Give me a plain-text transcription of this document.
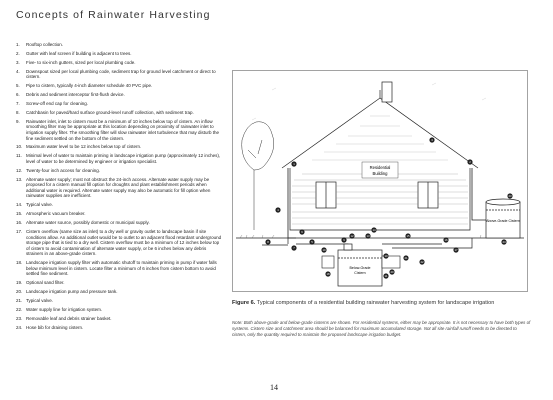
Concepts of Rainwater Harvesting
1. Rooftop collection.
2. Gutter with leaf screen if building is adjacent to trees.
3. Five- to six-inch gutters, sized per local plumbing code.
4. Downspout sized per local plumbing code, sediment trap for ground level catchment or direct to cistern.
5. Pipe to cistern, typically 4-inch diameter schedule 40 PVC pipe.
6. Debris and sediment interceptor first-flush device.
7. Screw-off end cap for cleaning.
8. Catchbasin for paved/hard surface ground-level runoff collection, with sediment trap.
9. Rainwater inlet, inlet to cistern must be a minimum of 10 inches below top of cistern. An inflow smoothing filter may be appropriate at this location depending on proximity of rainwater inlet to irrigation supply filter. The smoothing filter will slow rainwater inlet turbulence that may disturb the fine sediment settled on the bottom of the cistern.
10. Maximum water level to be 12 inches below top of cistern.
11. Minimal level of water to maintain priming in landscape irrigation pump (approximately 12 inches), level of water to be determined by engineer or irrigation specialist.
12. Twenty-four inch access for cleaning.
13. Alternate water supply; most not obstruct the 24-inch access. Alternate water supply may be proposed for a cistern manual fill option for droughts and plant establishment periods when additional water is required. Alternate water supply may also be automatic for fill option when rainwater supplies are inefficient.
14. Typical valve.
15. Atmospheric vacuum breaker.
16. Alternate water source, possibly domestic or municipal supply.
17. Cistern overflow (same size as inlet) to a dry well or gravity outlet to landscape basin if site conditions allow. An additional outlet would be to outlet to an adjacent flood retardant underground storage pipe that is tied to a dry well. Cistern overflow must be a minimum of 12 inches below top of cistern to avoid contamination of alternate water supply, or be 6 inches below any debris strainers in an above-grade cistern.
18. Landscape irrigation supply filter with automatic shutoff to maintain priming in pump if water falls below minimum level in cistern. Locate filter a minimum of 6 inches from cistern bottom to avoid settled fine sediment.
19. Optional sand filter.
20. Landscape irrigation pump and pressure tank.
21. Typical valve.
22. Water supply line for irrigation system.
23. Removable leaf and debris strainer basket.
24. Hose bib for draining cistern.
Residential
Building
Below-Grade
Cistern
Above-Grade Cistern
1	2
3
4
5
6
7
8	9
10
11
12	13
14
15
16
17
18
19
20
21
22
23
24
Figure 6. Typical components of a residential building rainwater harvesting system for landscape irrigation
Note: Both above-grade and below-grade cisterns are shown. For residential systems, either may be appropriate. It is not necessary to have both types of systems. Cistern size and catchment area should be balanced for maximum accumulated storage. Not all site rainfall runoff needs to be directed to cistern, only the quantity required to maintain the proposed landscape irrigation budget.
14
